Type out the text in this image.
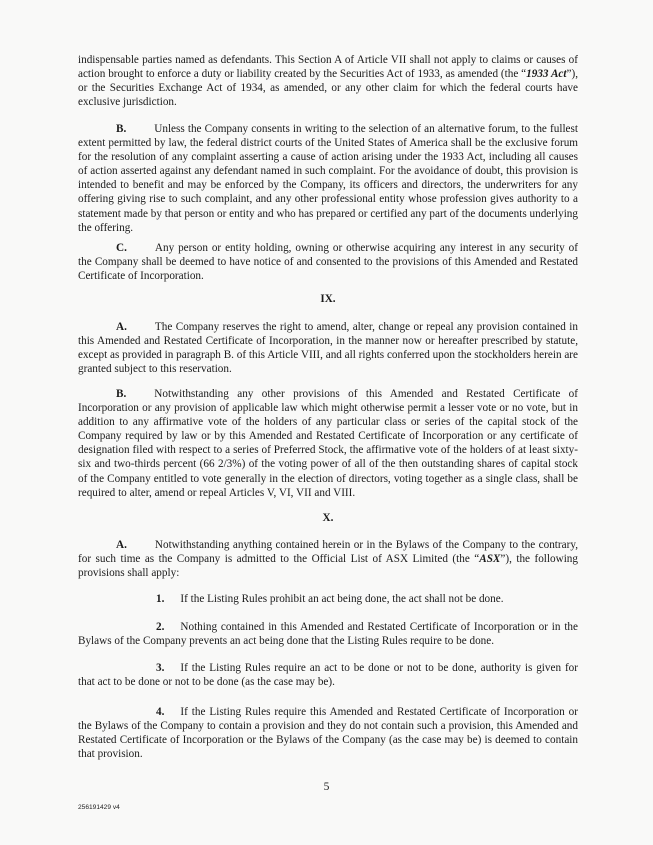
indispensable parties named as defendants. This Section A of Article VII shall not apply to claims or causes of action brought to enforce a duty or liability created by the Securities Act of 1933, as amended (the “1933 Act”), or the Securities Exchange Act of 1934, as amended, or any other claim for which the federal courts have exclusive jurisdiction.

B.	Unless the Company consents in writing to the selection of an alternative forum, to the fullest extent permitted by law, the federal district courts of the United States of America shall be the exclusive forum for the resolution of any complaint asserting a cause of action arising under the 1933 Act, including all causes of action asserted against any defendant named in such complaint. For the avoidance of doubt, this provision is intended to benefit and may be enforced by the Company, its officers and directors, the underwriters for any offering giving rise to such complaint, and any other professional entity whose profession gives authority to a statement made by that person or entity and who has prepared or certified any part of the documents underlying the offering.

C.	Any person or entity holding, owning or otherwise acquiring any interest in any security of the Company shall be deemed to have notice of and consented to the provisions of this Amended and Restated Certificate of Incorporation.

IX.

A.	The Company reserves the right to amend, alter, change or repeal any provision contained in this Amended and Restated Certificate of Incorporation, in the manner now or hereafter prescribed by statute, except as provided in paragraph B. of this Article VIII, and all rights conferred upon the stockholders herein are granted subject to this reservation.

B.	Notwithstanding any other provisions of this Amended and Restated Certificate of Incorporation or any provision of applicable law which might otherwise permit a lesser vote or no vote, but in addition to any affirmative vote of the holders of any particular class or series of the capital stock of the Company required by law or by this Amended and Restated Certificate of Incorporation or any certificate of designation filed with respect to a series of Preferred Stock, the affirmative vote of the holders of at least sixty-six and two-thirds percent (66 2/3%) of the voting power of all of the then outstanding shares of capital stock of the Company entitled to vote generally in the election of directors, voting together as a single class, shall be required to alter, amend or repeal Articles V, VI, VII and VIII.

X.

A.	Notwithstanding anything contained herein or in the Bylaws of the Company to the contrary, for such time as the Company is admitted to the Official List of ASX Limited (the “ASX”), the following provisions shall apply:

1. If the Listing Rules prohibit an act being done, the act shall not be done.

2. Nothing contained in this Amended and Restated Certificate of Incorporation or in the Bylaws of the Company prevents an act being done that the Listing Rules require to be done.

3. If the Listing Rules require an act to be done or not to be done, authority is given for that act to be done or not to be done (as the case may be).

4. If the Listing Rules require this Amended and Restated Certificate of Incorporation or the Bylaws of the Company to contain a provision and they do not contain such a provision, this Amended and Restated Certificate of Incorporation or the Bylaws of the Company (as the case may be) is deemed to contain that provision.

5
256191429 v4
